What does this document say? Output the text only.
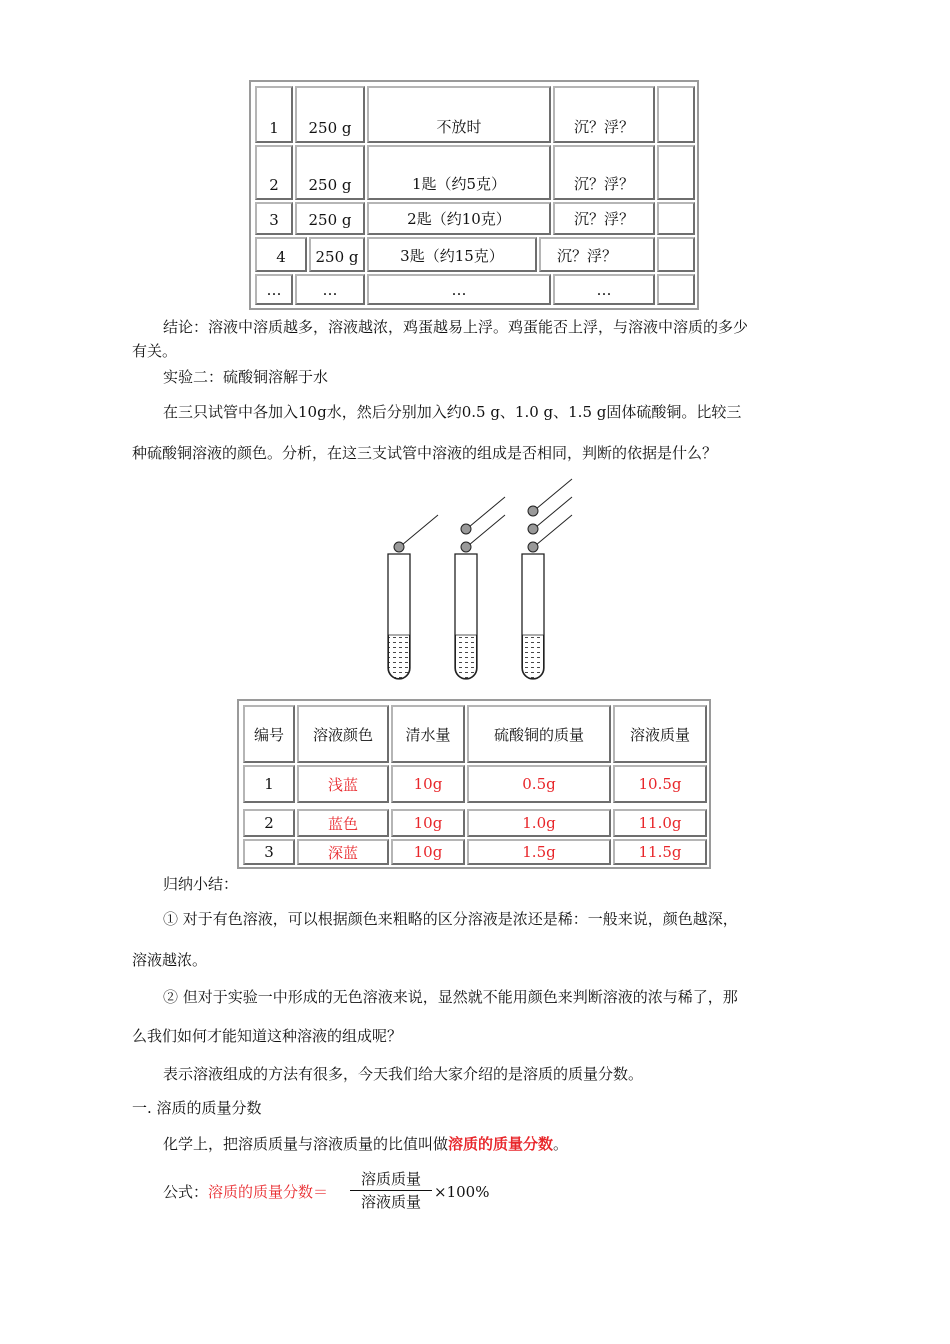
1	250 g	不放时	沉？浮？
2	250 g	1匙（约5克）	沉？浮？
3	250 g	2匙（约10克）	沉？浮？
4	250 g	3匙（约15克）	沉？浮？
…	…	…	…
结论：溶液中溶质越多，溶液越浓，鸡蛋越易上浮。鸡蛋能否上浮，与溶液中溶质的多少
有关。
实验二：硫酸铜溶解于水
在三只试管中各加入10g水，然后分别加入约0.5 g、1.0 g、1.5 g固体硫酸铜。比较三
种硫酸铜溶液的颜色。分析，在这三支试管中溶液的组成是否相同，判断的依据是什么？
编号	溶液颜色	清水量	硫酸铜的质量	溶液质量
1	浅蓝	10g	0.5g	10.5g
2	蓝色	10g	1.0g	11.0g
3	深蓝	10g	1.5g	11.5g
归纳小结：
① 对于有色溶液，可以根据颜色来粗略的区分溶液是浓还是稀：一般来说，颜色越深，
溶液越浓。
② 但对于实验一中形成的无色溶液来说，显然就不能用颜色来判断溶液的浓与稀了，那
么我们如何才能知道这种溶液的组成呢？
表示溶液组成的方法有很多，今天我们给大家介绍的是溶质的质量分数。
一. 溶质的质量分数
化学上，把溶质质量与溶液质量的比值叫做溶质的质量分数。
公式：溶质的质量分数＝
溶质质量
溶液质量
×100%
